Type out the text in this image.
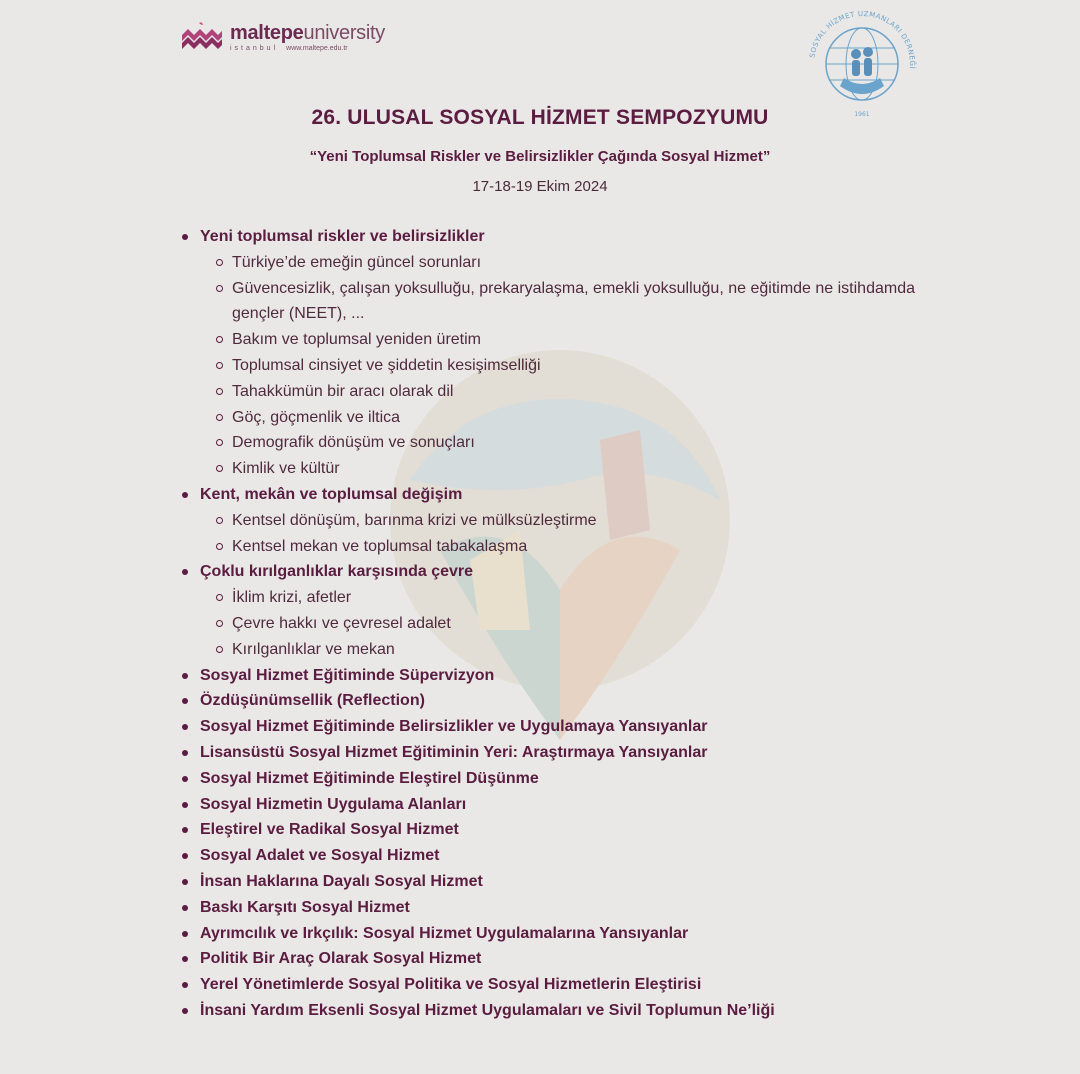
maltepeuniversity
istanbul www.maltepe.edu.tr
SOSYAL HİZMET UZMANLARI DERNEĞİ
1961
26. ULUSAL SOSYAL HİZMET SEMPOZYUMU
“Yeni Toplumsal Riskler ve Belirsizlikler Çağında Sosyal Hizmet”
17-18-19 Ekim 2024
Yeni toplumsal riskler ve belirsizlikler
Türkiye’de emeğin güncel sorunları
Güvencesizlik, çalışan yoksulluğu, prekaryalaşma, emekli yoksulluğu, ne eğitimde ne istihdamda gençler (NEET), ...
Bakım ve toplumsal yeniden üretim
Toplumsal cinsiyet ve şiddetin kesişimselliği
Tahakkümün bir aracı olarak dil
Göç, göçmenlik ve iltica
Demografik dönüşüm ve sonuçları
Kimlik ve kültür
Kent, mekân ve toplumsal değişim
Kentsel dönüşüm, barınma krizi ve mülksüzleştirme
Kentsel mekan ve toplumsal tabakalaşma
Çoklu kırılganlıklar karşısında çevre
İklim krizi, afetler
Çevre hakkı ve çevresel adalet
Kırılganlıklar ve mekan
Sosyal Hizmet Eğitiminde Süpervizyon
Özdüşünümsellik (Reflection)
Sosyal Hizmet Eğitiminde Belirsizlikler ve Uygulamaya Yansıyanlar
Lisansüstü Sosyal Hizmet Eğitiminin Yeri: Araştırmaya Yansıyanlar
Sosyal Hizmet Eğitiminde Eleştirel Düşünme
Sosyal Hizmetin Uygulama Alanları
Eleştirel ve Radikal Sosyal Hizmet
Sosyal Adalet ve Sosyal Hizmet
İnsan Haklarına Dayalı Sosyal Hizmet
Baskı Karşıtı Sosyal Hizmet
Ayrımcılık ve Irkçılık: Sosyal Hizmet Uygulamalarına Yansıyanlar
Politik Bir Araç Olarak Sosyal Hizmet
Yerel Yönetimlerde Sosyal Politika ve Sosyal Hizmetlerin Eleştirisi
İnsani Yardım Eksenli Sosyal Hizmet Uygulamaları ve Sivil Toplumun Ne’liği
